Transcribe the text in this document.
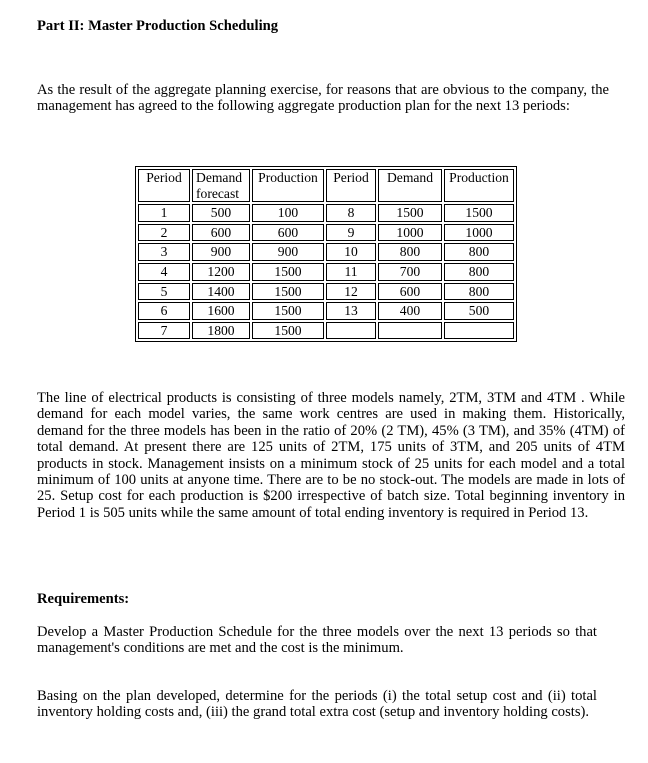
Part II: Master Production Scheduling
As the result of the aggregate planning exercise, for reasons that are obvious to the company, the management has agreed to the following aggregate production plan for the next 13 periods:
Period	Demand forecast	Production	Period	Demand	Production
1	500	100	8	1500	1500
2	600	600	9	1000	1000
3	900	900	10	800	800
4	1200	1500	11	700	800
5	1400	1500	12	600	800
6	1600	1500	13	400	500
7	1800	1500			
The line of electrical products is consisting of three models namely, 2TM, 3TM and 4TM . While demand for each model varies, the same work centres are used in making them. Historically, demand for the three models has been in the ratio of 20% (2 TM), 45% (3 TM), and 35% (4TM) of total demand. At present there are 125 units of 2TM, 175 units of 3TM, and 205 units of 4TM products in stock. Management insists on a minimum stock of 25 units for each model and a total minimum of 100 units at anyone time. There are to be no stock-out. The models are made in lots of 25. Setup cost for each production is $200 irrespective of batch size. Total beginning inventory in Period 1 is 505 units while the same amount of total ending inventory is required in Period 13.
Requirements:
Develop a Master Production Schedule for the three models over the next 13 periods so that management's conditions are met and the cost is the minimum.
Basing on the plan developed, determine for the periods (i) the total setup cost and (ii) total inventory holding costs and, (iii) the grand total extra cost (setup and inventory holding costs).
